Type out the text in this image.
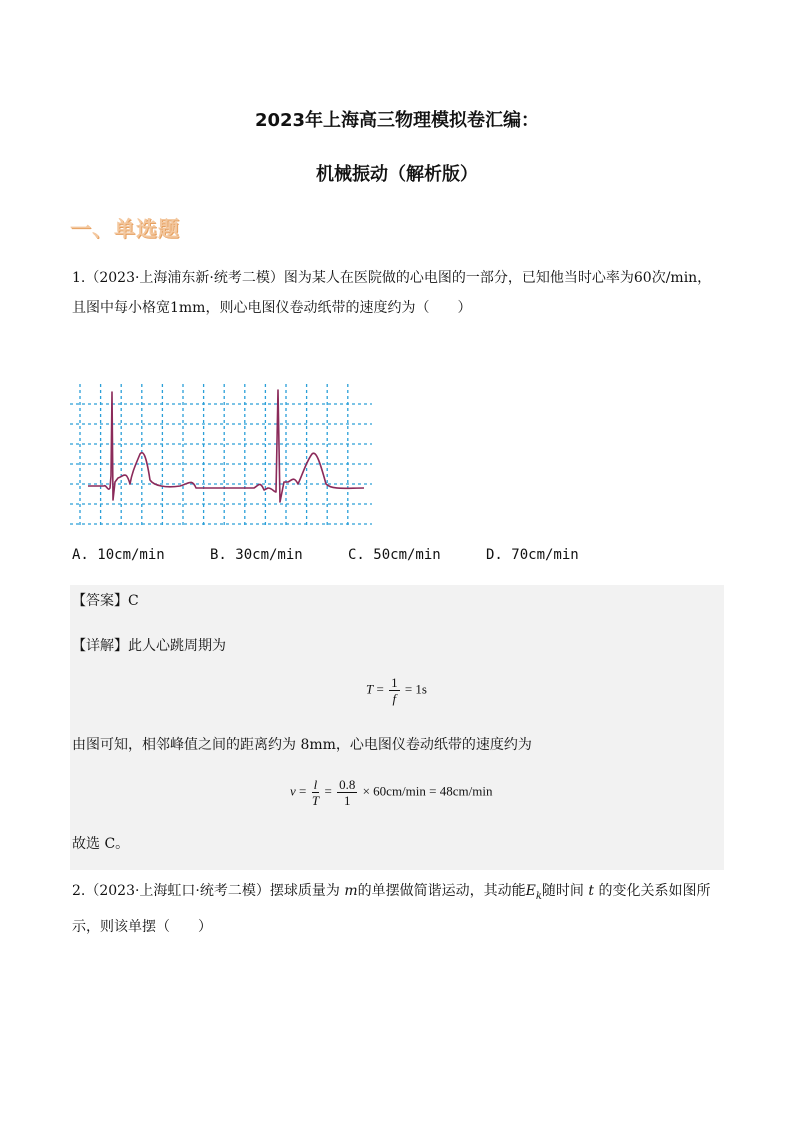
2023年上海高三物理模拟卷汇编：
机械振动（解析版）
一、单选题
1.（2023·上海浦东新·统考二模）图为某人在医院做的心电图的一部分，已知他当时心率为60次/min，且图中每小格宽1mm，则心电图仪卷动纸带的速度约为（　　）
A. 10cm/min	B. 30cm/min	C. 50cm/min	D. 70cm/min
【答案】C
【详解】此人心跳周期为
$T = \frac{1}{f} = 1s$
由图可知，相邻峰值之间的距离约为 8mm，心电图仪卷动纸带的速度约为
$v = \frac{l}{T} = \frac{0.8}{1} \times 60cm/\min = 48cm/\min$
故选 C。
2.（2023·上海虹口·统考二模）摆球质量为 m的单摆做简谐运动，其动能$E_k$随时间 t 的变化关系如图所示，则该单摆（　　）
